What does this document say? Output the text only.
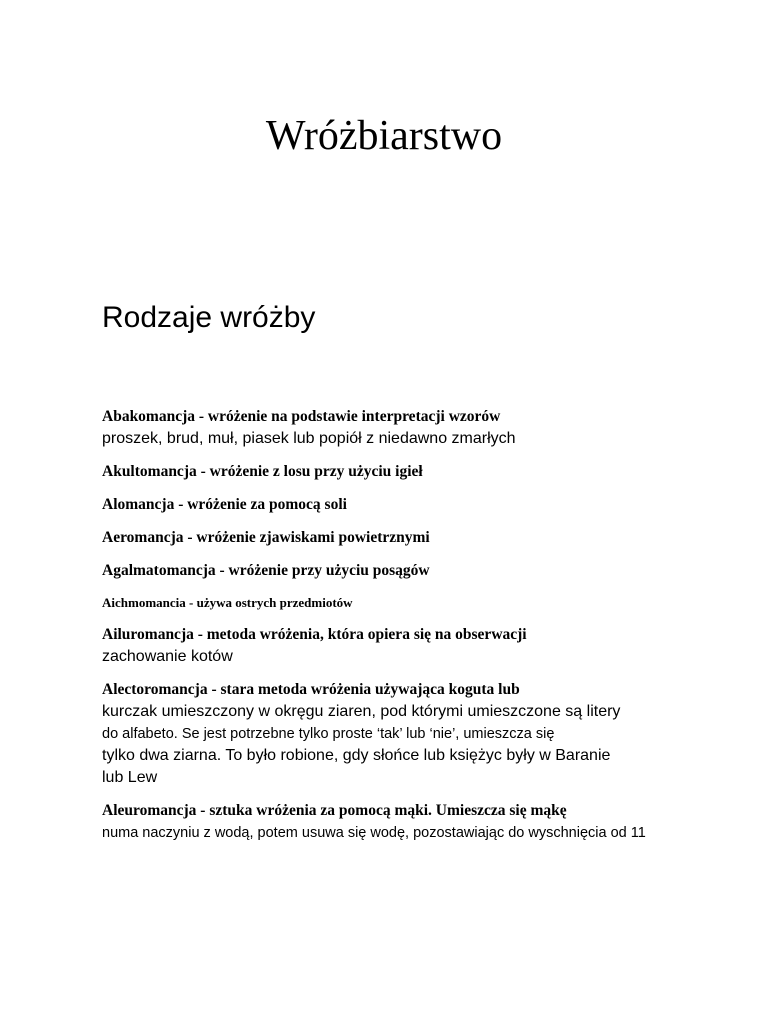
Wróżbiarstwo
Rodzaje wróżby
Abakomancja - wróżenie na podstawie interpretacji wzorów
proszek, brud, muł, piasek lub popiół z niedawno zmarłych
Akultomancja - wróżenie z losu przy użyciu igieł
Alomancja - wróżenie za pomocą soli
Aeromancja - wróżenie zjawiskami powietrznymi
Agalmatomancja - wróżenie przy użyciu posągów
Aichmomancia - używa ostrych przedmiotów
Ailuromancja - metoda wróżenia, która opiera się na obserwacji
zachowanie kotów
Alectoromancja - stara metoda wróżenia używająca koguta lub
kurczak umieszczony w okręgu ziaren, pod którymi umieszczone są litery
do alfabeto. Se jest potrzebne tylko proste ‘tak’ lub ‘nie’, umieszcza się
tylko dwa ziarna. To było robione, gdy słońce lub księżyc były w Baranie
lub Lew
Aleuromancja - sztuka wróżenia za pomocą mąki. Umieszcza się mąkę
numa naczyniu z wodą, potem usuwa się wodę, pozostawiając do wyschnięcia od 11
